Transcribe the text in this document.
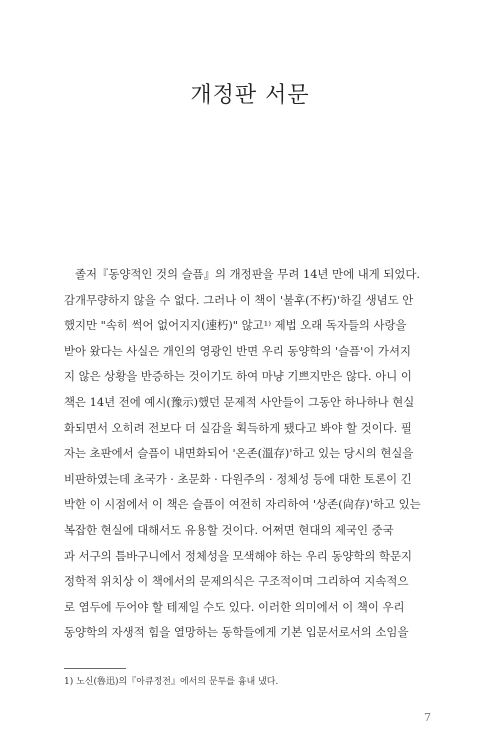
개정판 서문
졸저『동양적인 것의 슬픔』의 개정판을 무려 14년 만에 내게 되었다.
감개무량하지 않을 수 없다. 그러나 이 책이 '불후(不朽)'하길 생념도 안
했지만 "속히 썩어 없어지지(速朽)" 않고¹⁾ 제법 오래 독자들의 사랑을
받아 왔다는 사실은 개인의 영광인 반면 우리 동양학의 '슬픔'이 가셔지
지 않은 상황을 반증하는 것이기도 하여 마냥 기쁘지만은 않다. 아니 이
책은 14년 전에 예시(豫示)했던 문제적 사안들이 그동안 하나하나 현실
화되면서 오히려 전보다 더 실감을 획득하게 됐다고 봐야 할 것이다. 필
자는 초판에서 슬픔이 내면화되어 '온존(溫存)'하고 있는 당시의 현실을
비판하였는데 초국가 · 초문화 · 다원주의 · 정체성 등에 대한 토론이 긴
박한 이 시점에서 이 책은 슬픔이 여전히 자리하여 '상존(尙存)'하고 있는
복잡한 현실에 대해서도 유용할 것이다. 어쩌면 현대의 제국인 중국
과 서구의 틈바구니에서 정체성을 모색해야 하는 우리 동양학의 학문지
정학적 위치상 이 책에서의 문제의식은 구조적이며 그리하여 지속적으
로 염두에 두어야 할 테제일 수도 있다. 이러한 의미에서 이 책이 우리
동양학의 자생적 힘을 열망하는 동학들에게 기본 입문서로서의 소임을
1) 노신(魯迅)의『아큐정전』에서의 문투를 흉내 냈다.
7
